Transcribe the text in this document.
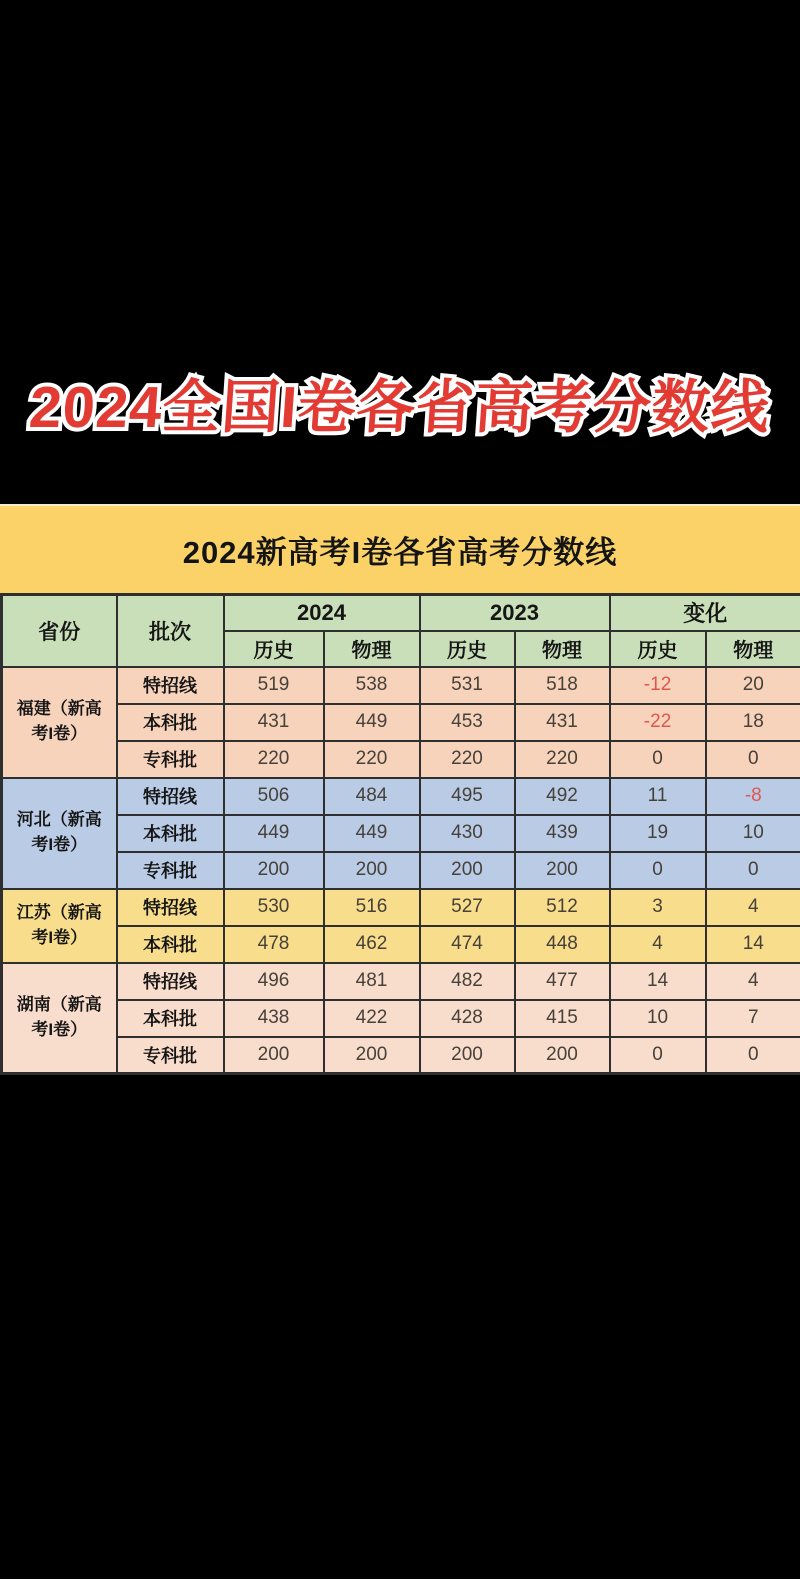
2024全国I卷各省高考分数线
2024新高考I卷各省高考分数线
省份	批次	2024		2023		变化	
		历史	物理	历史	物理	历史	物理
福建（新高考I卷）	特招线	519	538	531	518	-12	20
	本科批	431	449	453	431	-22	18
	专科批	220	220	220	220	0	0
河北（新高考I卷）	特招线	506	484	495	492	11	-8
	本科批	449	449	430	439	19	10
	专科批	200	200	200	200	0	0
江苏（新高考I卷）	特招线	530	516	527	512	3	4
	本科批	478	462	474	448	4	14
湖南（新高考I卷）	特招线	496	481	482	477	14	4
	本科批	438	422	428	415	10	7
	专科批	200	200	200	200	0	0
